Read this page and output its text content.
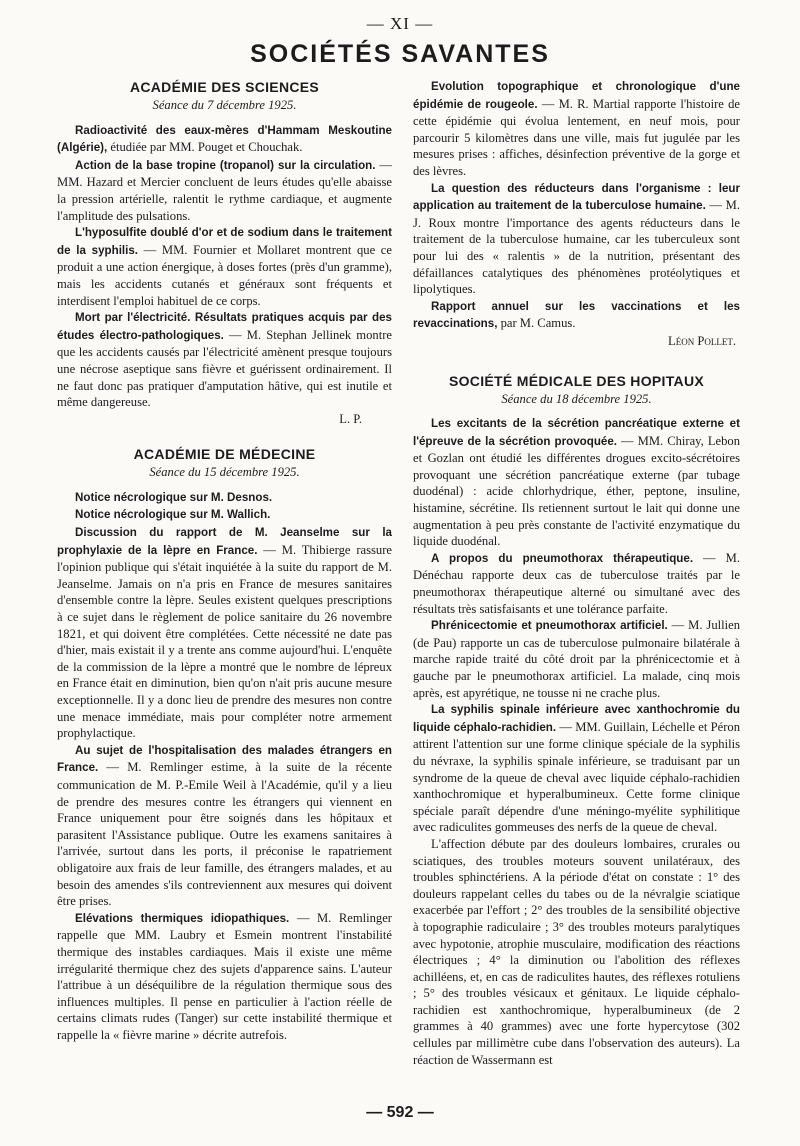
— XI —
SOCIÉTÉS SAVANTES
ACADÉMIE DES SCIENCES
Séance du 7 décembre 1925.

Radioactivité des eaux-mères d'Hammam Meskoutine (Algérie), étudiée par MM. Pouget et Chouchak.

Action de la base tropine (tropanol) sur la circulation. — MM. Hazard et Mercier concluent de leurs études qu'elle abaisse la pression artérielle, ralentit le rythme cardiaque, et augmente l'amplitude des pulsations.

L'hyposulfite doublé d'or et de sodium dans le traitement de la syphilis. — MM. Fournier et Mollaret montrent que ce produit a une action énergique, à doses fortes (près d'un gramme), mais les accidents cutanés et généraux sont fréquents et interdisent l'emploi habituel de ce corps.

Mort par l'électricité. Résultats pratiques acquis par des études électro-pathologiques. — M. Stephan Jellinek montre que les accidents causés par l'électricité amènent presque toujours une nécrose aseptique sans fièvre et guérissent ordinairement. Il ne faut donc pas pratiquer d'amputation hâtive, qui est inutile et même dangereuse.

L. P.

ACADÉMIE DE MÉDECINE
Séance du 15 décembre 1925.

Notice nécrologique sur M. Desnos.

Notice nécrologique sur M. Wallich.

Discussion du rapport de M. Jeanselme sur la prophylaxie de la lèpre en France. — M. Thibierge rassure l'opinion publique qui s'était inquiétée à la suite du rapport de M. Jeanselme. Jamais on n'a pris en France de mesures sanitaires d'ensemble contre la lèpre. Seules existent quelques prescriptions à ce sujet dans le règlement de police sanitaire du 26 novembre 1821, et qui doivent être complétées. Cette nécessité ne date pas d'hier, mais existait il y a trente ans comme aujourd'hui. L'enquête de la commission de la lèpre a montré que le nombre de lépreux en France était en diminution, bien qu'on n'ait pris aucune mesure exceptionnelle. Il y a donc lieu de prendre des mesures non contre une menace immédiate, mais pour compléter notre armement prophylactique.

Au sujet de l'hospitalisation des malades étrangers en France. — M. Remlinger estime, à la suite de la récente communication de M. P.-Emile Weil à l'Académie, qu'il y a lieu de prendre des mesures contre les étrangers qui viennent en France uniquement pour être soignés dans les hôpitaux et parasitent l'Assistance publique. Outre les examens sanitaires à l'arrivée, surtout dans les ports, il préconise le rapatriement obligatoire aux frais de leur famille, des étrangers malades, et au besoin des amendes s'ils contreviennent aux mesures qui doivent être prises.

Elévations thermiques idiopathiques. — M. Remlinger rappelle que MM. Laubry et Esmein montrent l'instabilité thermique des instables cardiaques. Mais il existe une même irrégularité thermique chez des sujets d'apparence sains. L'auteur l'attribue à un déséquilibre de la régulation thermique sous des influences multiples. Il pense en particulier à l'action réelle de certains climats rudes (Tanger) sur cette instabilité thermique et rappelle la « fièvre marine » décrite autrefois.

Evolution topographique et chronologique d'une épidémie de rougeole. — M. R. Martial rapporte l'histoire de cette épidémie qui évolua lentement, en neuf mois, pour parcourir 5 kilomètres dans une ville, mais fut jugulée par les mesures prises : affiches, désinfection préventive de la gorge et des lèvres.

La question des réducteurs dans l'organisme : leur application au traitement de la tuberculose humaine. — M. J. Roux montre l'importance des agents réducteurs dans le traitement de la tuberculose humaine, car les tuberculeux sont pour lui des « ralentis » de la nutrition, présentant des défaillances catalytiques des phénomènes protéolytiques et lipolytiques.

Rapport annuel sur les vaccinations et les revaccinations, par M. Camus.

Léon Pollet.

SOCIÉTÉ MÉDICALE DES HOPITAUX
Séance du 18 décembre 1925.

Les excitants de la sécrétion pancréatique externe et l'épreuve de la sécrétion provoquée. — MM. Chiray, Lebon et Gozlan ont étudié les différentes drogues excito-sécrétoires provoquant une sécrétion pancréatique externe (par tubage duodénal) : acide chlorhydrique, éther, peptone, insuline, histamine, sécrétine. Ils retiennent surtout le lait qui donne une augmentation à peu près constante de l'activité enzymatique du liquide duodénal.

A propos du pneumothorax thérapeutique. — M. Dénéchau rapporte deux cas de tuberculose traités par le pneumothorax thérapeutique alterné ou simultané avec des résultats très satisfaisants et une tolérance parfaite.

Phrénicectomie et pneumothorax artificiel. — M. Jullien (de Pau) rapporte un cas de tuberculose pulmonaire bilatérale à marche rapide traité du côté droit par la phrénicectomie et à gauche par le pneumothorax artificiel. La malade, cinq mois après, est apyrétique, ne tousse ni ne crache plus.

La syphilis spinale inférieure avec xanthochromie du liquide céphalo-rachidien. — MM. Guillain, Léchelle et Péron attirent l'attention sur une forme clinique spéciale de la syphilis du névraxe, la syphilis spinale inférieure, se traduisant par un syndrome de la queue de cheval avec liquide céphalo-rachidien xanthochromique et hyperalbumineux. Cette forme clinique spéciale paraît dépendre d'une méningo-myélite syphilitique avec radiculites gommeuses des nerfs de la queue de cheval.

L'affection débute par des douleurs lombaires, crurales ou sciatiques, des troubles moteurs souvent unilatéraux, des troubles sphinctériens. A la période d'état on constate : 1° des douleurs rappelant celles du tabes ou de la névralgie sciatique exacerbée par l'effort ; 2° des troubles de la sensibilité objective à topographie radiculaire ; 3° des troubles moteurs paralytiques avec hypotonie, atrophie musculaire, modification des réactions électriques ; 4° la diminution ou l'abolition des réflexes achilléens, et, en cas de radiculites hautes, des réflexes rotuliens ; 5° des troubles vésicaux et génitaux. Le liquide céphalo-rachidien est xanthochromique, hyperalbumineux (de 2 grammes à 40 grammes) avec une forte hypercytose (302 cellules par millimètre cube dans l'observation des auteurs). La réaction de Wassermann est

— 592 —
